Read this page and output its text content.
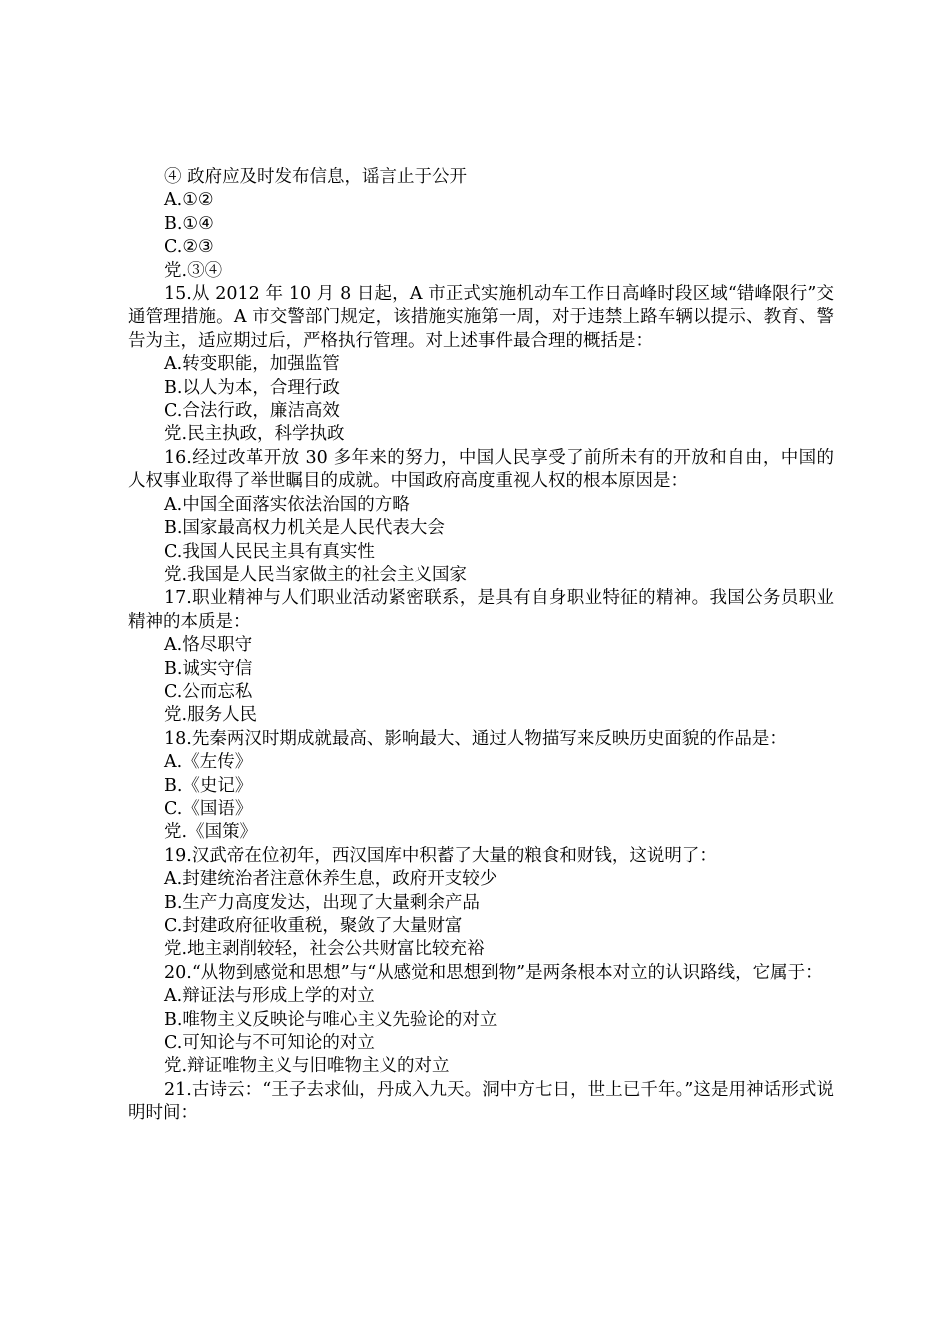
④ 政府应及时发布信息，谣言止于公开

A.①②

B.①④

C.②③

党.③④

15.从 2012 年 10 月 8 日起，A 市正式实施机动车工作日高峰时段区域“错峰限行”交通管理措施。A 市交警部门规定，该措施实施第一周，对于违禁上路车辆以提示、教育、警告为主，适应期过后，严格执行管理。对上述事件最合理的概括是：

A.转变职能，加强监管

B.以人为本，合理行政

C.合法行政，廉洁高效

党.民主执政，科学执政

16.经过改革开放 30 多年来的努力，中国人民享受了前所未有的开放和自由，中国的人权事业取得了举世瞩目的成就。中国政府高度重视人权的根本原因是：

A.中国全面落实依法治国的方略

B.国家最高权力机关是人民代表大会

C.我国人民民主具有真实性

党.我国是人民当家做主的社会主义国家

17.职业精神与人们职业活动紧密联系，是具有自身职业特征的精神。我国公务员职业精神的本质是：

A.恪尽职守

B.诚实守信

C.公而忘私

党.服务人民

18.先秦两汉时期成就最高、影响最大、通过人物描写来反映历史面貌的作品是：

A.《左传》

B.《史记》

C.《国语》

党.《国策》

19.汉武帝在位初年，西汉国库中积蓄了大量的粮食和财钱，这说明了：

A.封建统治者注意休养生息，政府开支较少

B.生产力高度发达，出现了大量剩余产品

C.封建政府征收重税，聚敛了大量财富

党.地主剥削较轻，社会公共财富比较充裕

20.“从物到感觉和思想”与“从感觉和思想到物”是两条根本对立的认识路线，它属于：

A.辩证法与形成上学的对立

B.唯物主义反映论与唯心主义先验论的对立

C.可知论与不可知论的对立

党.辩证唯物主义与旧唯物主义的对立

21.古诗云：“王子去求仙，丹成入九天。洞中方七日，世上已千年。”这是用神话形式说明时间：
